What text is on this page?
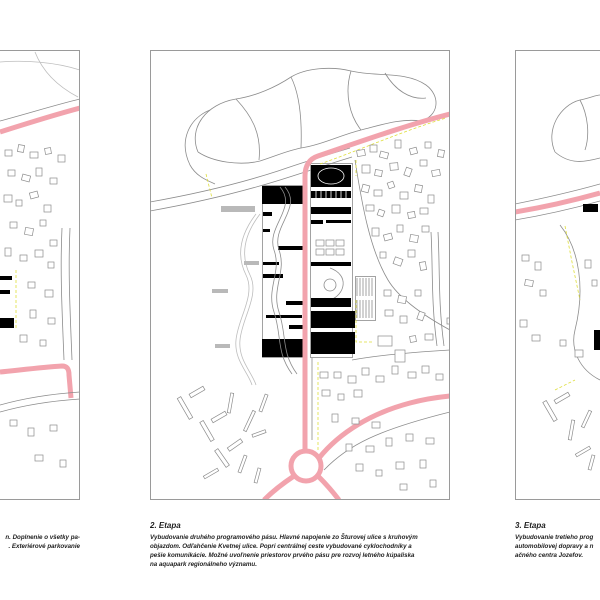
n. Doplnenie o všetky pa-
. Exteriérové parkovanie
2. Etapa
Vybudovanie druhého programového pásu. Hlavné napojenie zo Šturovej ulice s kruhovým
objazdom. Odľahčenie Kvetnej ulice. Popri centrálnej ceste vybudované cyklochodníky a
pešie komunikácie. Možné uvoľnenie priestorov prvého pásu pre rozvoj letného kúpaliska
na aquapark regionálneho významu.
3. Etapa
Vybudovanie tretieho prog
automobilovej dopravy a n
ačného centra Jozefov.
